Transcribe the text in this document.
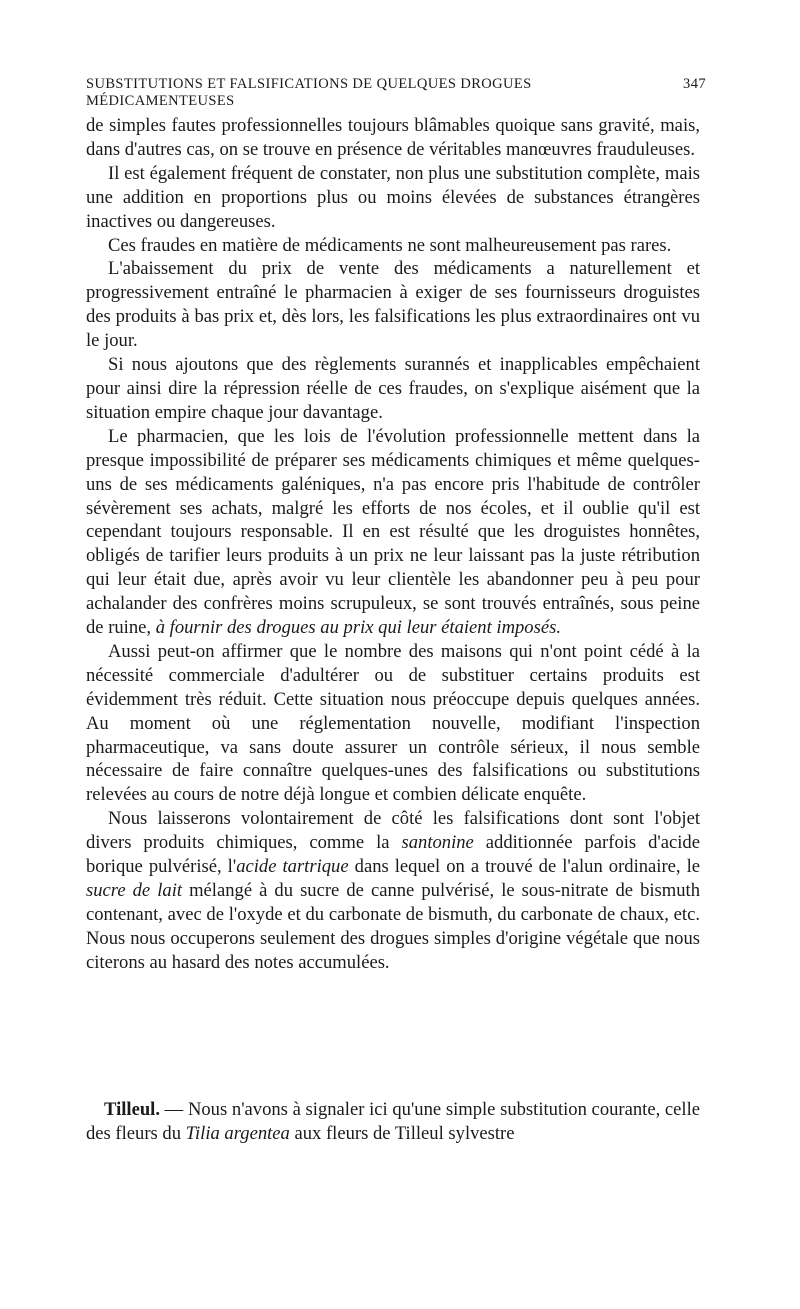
SUBSTITUTIONS ET FALSIFICATIONS DE QUELQUES DROGUES MÉDICAMENTEUSES
347

de simples fautes professionnelles toujours blâmables quoique sans gravité, mais, dans d'autres cas, on se trouve en présence de véritables manœuvres frauduleuses.

Il est également fréquent de constater, non plus une substitution complète, mais une addition en proportions plus ou moins élevées de substances étrangères inactives ou dangereuses.

Ces fraudes en matière de médicaments ne sont malheureusement pas rares.

L'abaissement du prix de vente des médicaments a naturellement et progressivement entraîné le pharmacien à exiger de ses fournisseurs droguistes des produits à bas prix et, dès lors, les falsifications les plus extraordinaires ont vu le jour.

Si nous ajoutons que des règlements surannés et inapplicables empêchaient pour ainsi dire la répression réelle de ces fraudes, on s'explique aisément que la situation empire chaque jour davantage.

Le pharmacien, que les lois de l'évolution professionnelle mettent dans la presque impossibilité de préparer ses médicaments chimiques et même quelques-uns de ses médicaments galéniques, n'a pas encore pris l'habitude de contrôler sévèrement ses achats, malgré les efforts de nos écoles, et il oublie qu'il est cependant toujours responsable. Il en est résulté que les droguistes honnêtes, obligés de tarifier leurs produits à un prix ne leur laissant pas la juste rétribution qui leur était due, après avoir vu leur clientèle les abandonner peu à peu pour achalander des confrères moins scrupuleux, se sont trouvés entraînés, sous peine de ruine, à fournir des drogues au prix qui leur étaient imposés.

Aussi peut-on affirmer que le nombre des maisons qui n'ont point cédé à la nécessité commerciale d'adultérer ou de substituer certains produits est évidemment très réduit. Cette situation nous préoccupe depuis quelques années. Au moment où une réglementation nouvelle, modifiant l'inspection pharmaceutique, va sans doute assurer un contrôle sérieux, il nous semble nécessaire de faire connaître quelques-unes des falsifications ou substitutions relevées au cours de notre déjà longue et combien délicate enquête.

Nous laisserons volontairement de côté les falsifications dont sont l'objet divers produits chimiques, comme la santonine additionnée parfois d'acide borique pulvérisé, l'acide tartrique dans lequel on a trouvé de l'alun ordinaire, le sucre de lait mélangé à du sucre de canne pulvérisé, le sous-nitrate de bismuth contenant, avec de l'oxyde et du carbonate de bismuth, du carbonate de chaux, etc. Nous nous occuperons seulement des drogues simples d'origine végétale que nous citerons au hasard des notes accumulées.

Tilleul. — Nous n'avons à signaler ici qu'une simple substitution courante, celle des fleurs du Tilia argentea aux fleurs de Tilleul sylvestre
